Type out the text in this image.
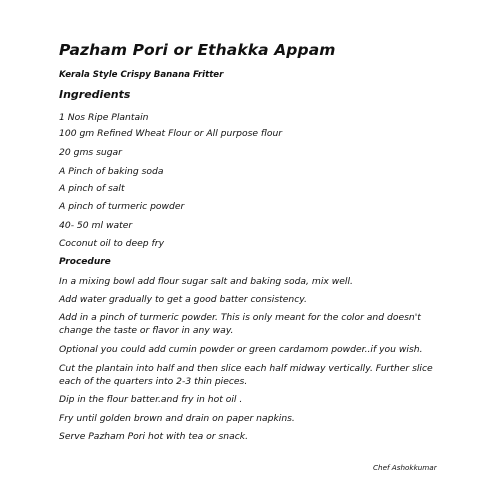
Pazham Pori or Ethakka Appam
Kerala Style Crispy Banana Fritter
Ingredients
1 Nos Ripe Plantain
100 gm Refined Wheat Flour or All purpose flour
20 gms sugar
A Pinch of baking soda
A pinch of salt
A pinch of turmeric powder
40- 50 ml water
Coconut oil to deep fry
Procedure
In a mixing bowl add flour sugar salt and baking soda, mix well.
Add water gradually to get a good batter consistency.
Add in a pinch of turmeric powder. This is only meant for the color and doesn't change the taste or flavor in any way.
Optional you could add cumin powder or green cardamom powder..if you wish.
Cut the plantain into half and then slice each half midway vertically. Further slice each of the quarters into 2-3 thin pieces.
Dip in the flour batter.and fry in hot oil .
Fry until golden brown and drain on paper napkins.
Serve Pazham Pori hot with tea or snack.
Chef Ashokkumar
